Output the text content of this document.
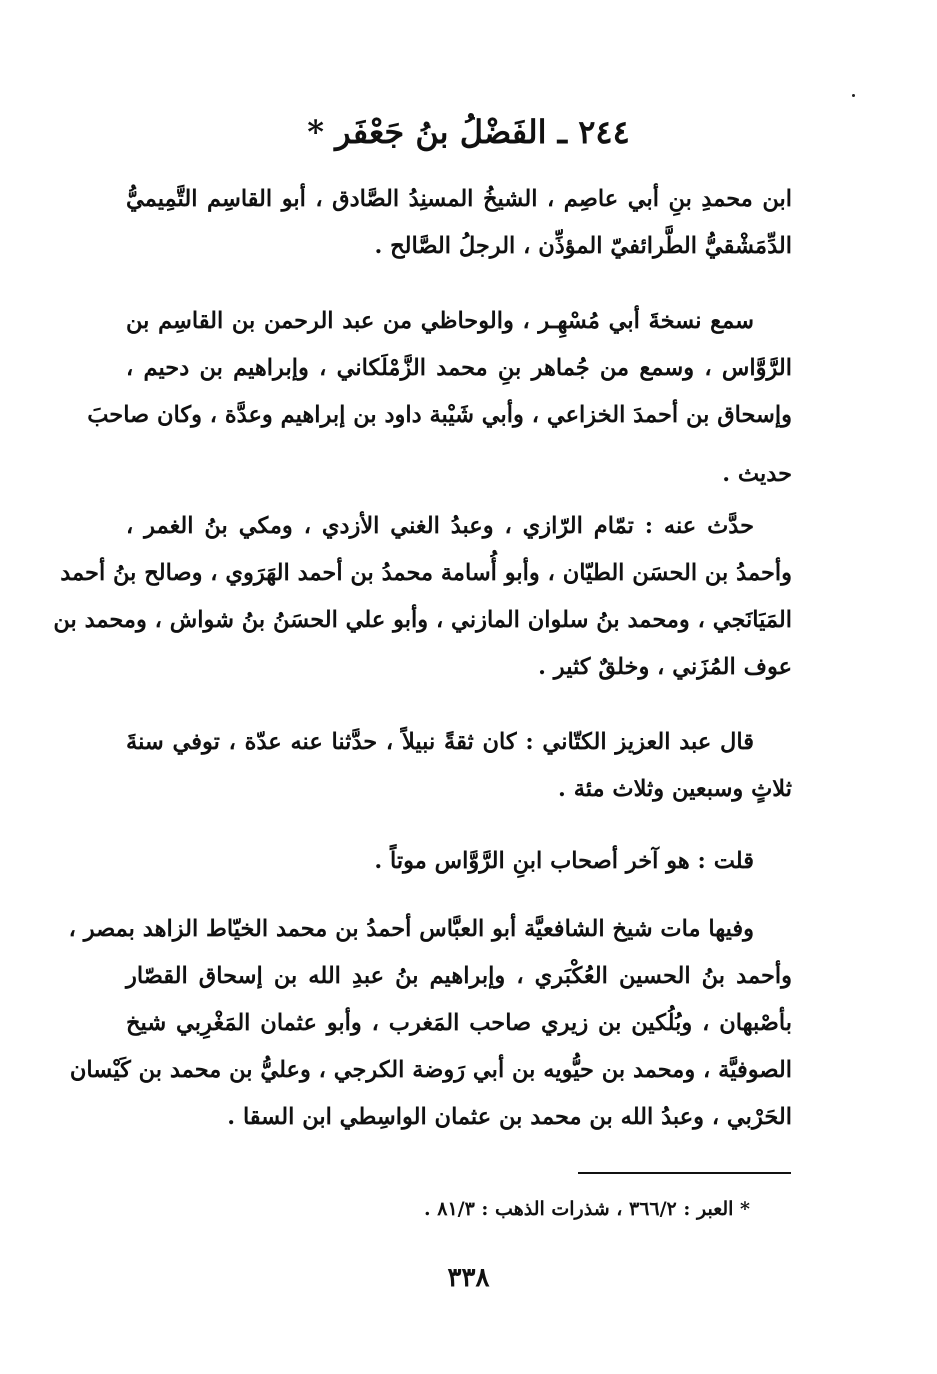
٢٤٤ ـ الفَضْلُ بنُ جَعْفَر *
ابن محمدِ بنِ أبي عاصِم ، الشيخُ المسنِدُ الصَّادق ، أبو القاسِم التَّمِيميُّ
الدِّمَشْقيُّ الطَّرائفيّ المؤذِّن ، الرجلُ الصَّالح .
سمع نسخةَ أبي مُسْهِـر ، والوحاظي من عبد الرحمن بن القاسِم بن
الرَّوَّاس ، وسمع من جُماهر بنِ محمد الزَّمْلَكاني ، وإبراهيم بن دحيم ،
وإسحاق بن أحمدَ الخزاعي ، وأبي شَيْبة داود بن إبراهيم وعدَّة ، وكان صاحبَ
حديث .
حدَّث عنه : تمّام الرّازي ، وعبدُ الغني الأزدي ، ومكي بنُ الغمر ،
وأحمدُ بن الحسَن الطيّان ، وأبو أُسامة محمدُ بن أحمد الهَرَوي ، وصالح بنُ أحمد
المَيَانَجي ، ومحمد بنُ سلوان المازني ، وأبو علي الحسَنُ بنُ شواش ، ومحمد بن
عوف المُزَني ، وخلقٌ كثير .
قال عبد العزيز الكتّاني : كان ثقةً نبيلاً ، حدَّثنا عنه عدّة ، توفي سنةَ
ثلاثٍ وسبعين وثلاث مئة .
قلت : هو آخر أصحاب ابنِ الرَّوَّاس موتاً .
وفيها مات شيخ الشافعيَّة أبو العبَّاس أحمدُ بن محمد الخيّاط الزاهد بمصر ،
وأحمد بنُ الحسين العُكْبَري ، وإبراهيم بنُ عبدِ الله بن إسحاق القصّار
بأصْبهان ، وبُلُكين بن زيري صاحب المَغرب ، وأبو عثمان المَغْرِبي شيخ
الصوفيَّة ، ومحمد بن حيُّويه بن أبي رَوضة الكرجي ، وعليُّ بن محمد بن كَيْسان
الحَرْبي ، وعبدُ الله بن محمد بن عثمان الواسِطي ابن السقا .
* العبر : ٣٦٦/٢ ، شذرات الذهب : ٨١/٣ .
٣٣٨
